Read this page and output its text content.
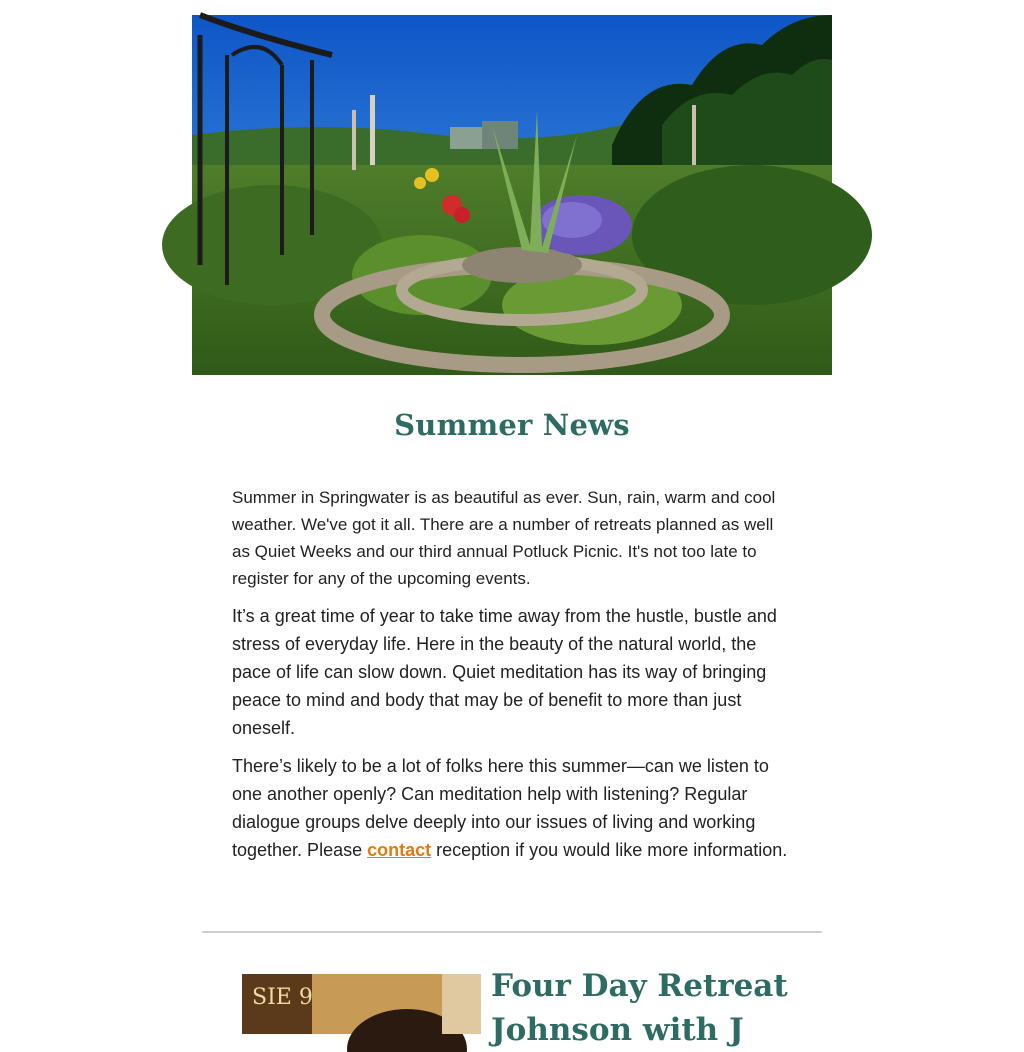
Summer News

Summer in Springwater is as beautiful as ever. Sun, rain, warm and cool weather. We've got it all. There are a number of retreats planned as well as Quiet Weeks and our third annual Potluck Picnic. It's not too late to register for any of the upcoming events.

It’s a great time of year to take time away from the hustle, bustle and stress of everyday life. Here in the beauty of the natural world, the pace of life can slow down. Quiet meditation has its way of bringing peace to mind and body that may be of benefit to more than just oneself.

There’s likely to be a lot of folks here this summer—can we listen to one another openly? Can meditation help with listening? Regular dialogue groups delve deeply into our issues of living and working together. Please contact reception if you would like more information.

SIE 9	Four Day Retreat Johnson with J
